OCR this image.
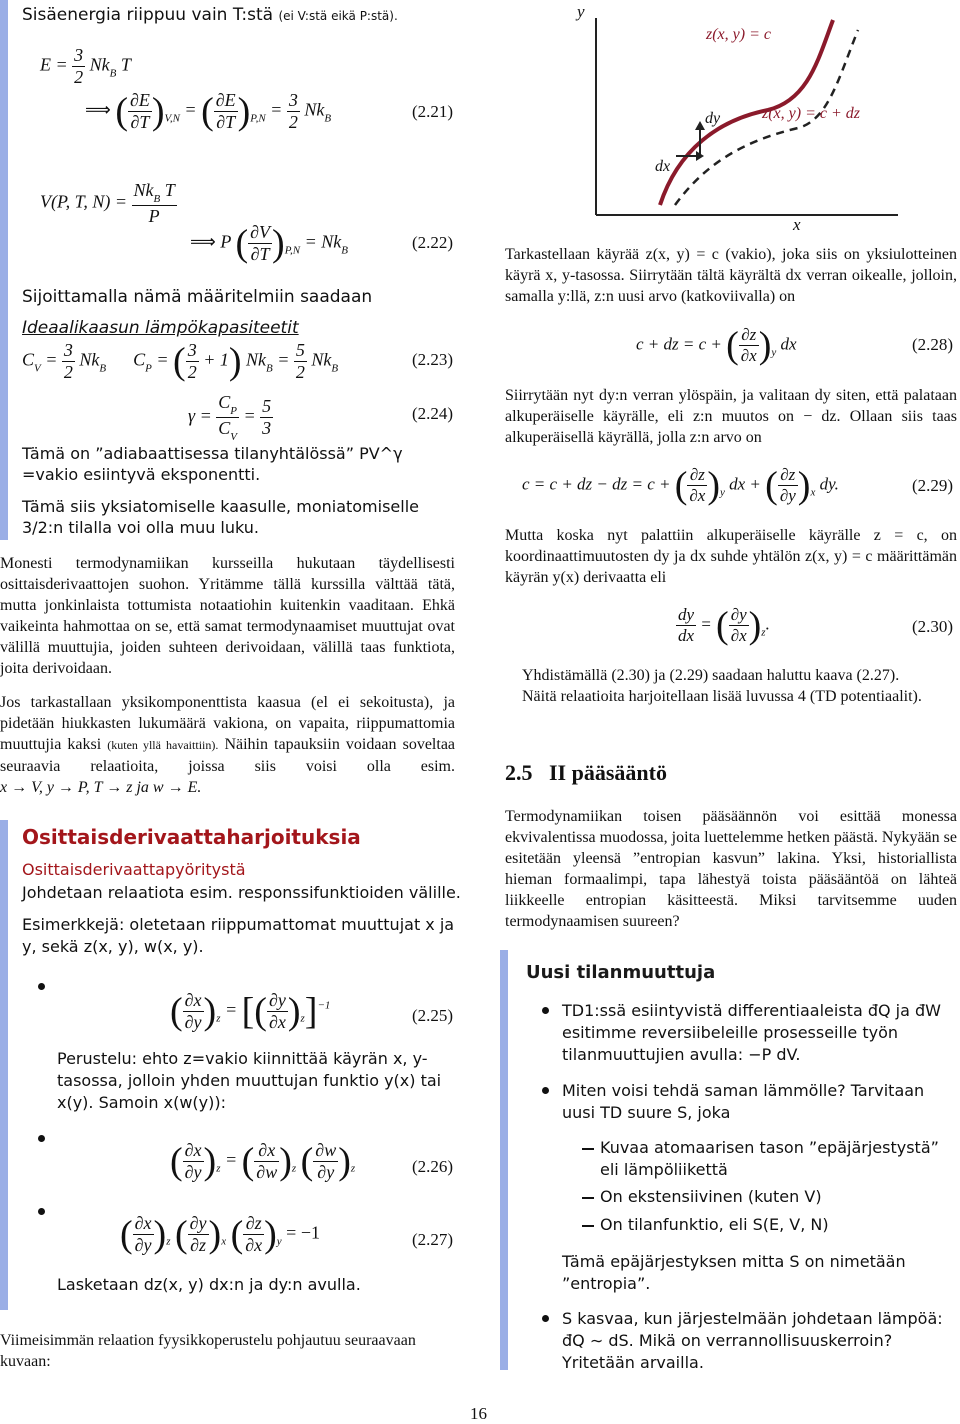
Sisäenergia riippuu vain T:stä (ei V:stä eikä P:stä).
$E = \frac{3}{2} Nk_B$ T
⟹ ( $\frac{\partial E}{\partial T} )_{V,N}$ = ( $\frac{\partial E}{\partial T} )_{P,N} = \frac{3}{2} Nk_B$	(2.21)
V(P, T, $N) = \frac{Nk_B T}{P}$
⟹ P ( $\frac{\partial V}{\partial T} )_{P,N} = Nk_B$	(2.22)
Sijoittamalla nämä määritelmiin saadaan
Ideaalikaasun lämpökapasiteetit
$C_V = \frac{3}{2} Nk_B$      $C_P$ = ( $\frac{3}{2} + 1$) $Nk_B = \frac{5}{2} Nk_B$	(2.23)
$\gamma = \frac{C_P}{C_V} = \frac{5}{3}$	(2.24)
Tämä on ”adiabaattisessa tilanyhtälössä” PV^γ =vakio esiintyvä eksponentti.
Tämä siis yksiatomiselle kaasulle, moniatomiselle 3/2:n tilalla voi olla muu luku.
Monesti termodynamiikan kursseilla hukutaan täydellisesti osittaisderivaattojen suohon. Yritämme tällä kurssilla välttää tätä, mutta jonkinlaista tottumista notaatiohin kuitenkin vaaditaan. Ehkä vaikeinta hahmottaa on se, että samat termodynaamiset muuttujat ovat välillä muuttujia, joiden suhteen derivoidaan, välillä taas funktiota, joita derivoidaan.
Jos tarkastallaan yksikomponenttista kaasua (el ei sekoitusta), ja pidetään hiukkasten lukumäärä vakiona, on vapaita, riippumattomia muuttujia kaksi (kuten yllä havaittiin). Näihin tapauksiin voidaan soveltaa seuraavia relaatioita, joissa siis voisi olla esim. x → V, y → P, T → z ja w → E.
Osittaisderivaattaharjoituksia
Osittaisderivaattapyöritystä
Johdetaan relaatiota esim. responssifunktioiden välille.
Esimerkkejä: oletetaan riippumattomat muuttujat x ja y, sekä z(x, y), w(x, y).
( $\frac{\partial x}{\partial y} )_z$ = [( $\frac{\partial y}{\partial x} )_z]^{-1}$
(2.25)
Perustelu: ehto z=vakio kiinnittää käyrän x, y-tasossa, jolloin yhden muuttujan funktio y(x) tai x(y). Samoin x(w(y)):
( $\frac{\partial x}{\partial y} )_z$ = ( $\frac{\partial x}{\partial w} )_z$ ( $\frac{\partial w}{\partial y} )_z$	(2.26)
( $\frac{\partial x}{\partial y} )_z$ ( $\frac{\partial y}{\partial z} )_x$ ( $\frac{\partial z}{\partial x} )_y = -1$	(2.27)
Lasketaan dz(x, y) dx:n ja dy:n avulla.
Viimeisimmän relaation fyysikkoperustelu pohjautuu seuraavaan kuvaan:
y
x
z(x, y) = c
z(x, y) = c + dz
dx
dy
Tarkastellaan käyrää z(x, y) = c (vakio), joka siis on yksiulotteinen käyrä x, y-tasossa. Siirrytään tältä käyrältä dx verran oikealle, jolloin, samalla y:llä, z:n uusi arvo (katkoviivalla) on
c + dz = c + ( $\frac{\partial z}{\partial x} )_y$ dx	(2.28)
Siirrytään nyt dy:n verran ylöspäin, ja valitaan dy siten, että palataan alkuperäiselle käyrälle, eli z:n muutos on − dz. Ollaan siis taas alkuperäisellä käyrällä, jolla z:n arvo on
c = c + dz − dz = c + ( $\frac{\partial z}{\partial x} )_y$ dx + ( $\frac{\partial z}{\partial y} )_x$ dy.	(2.29)
Mutta koska nyt palattiin alkuperäiselle käyrälle z = c, on koordinaattimuutosten dy ja dx suhde yhtälön z(x, y) = c määrittämän käyrän y(x) derivaatta eli
$\frac{dy}{dx}$ = ( $\frac{\partial y}{\partial x} )_z$.	(2.30)
Yhdistämällä (2.30) ja (2.29) saadaan haluttu kaava (2.27).
Näitä relaatioita harjoitellaan lisää luvussa 4 (TD potentiaalit).
2.5   II pääsääntö
Termodynamiikan toisen pääsäännön voi esittää monessa ekvivalentissa muodossa, joita luettelemme hetken päästä. Nykyään se esitetään yleensä ”entropian kasvun” lakina. Yksi, historiallista hieman formaalimpi, tapa lähestyä toista pääsääntöä on lähteä liikkeelle entropian käsitteestä. Miksi tarvitsemme uuden termodynaamisen suureen?
Uusi tilanmuuttuja
TD1:ssä esiintyvistä differentiaaleista đQ ja đW esitimme reversiibeleille prosesseille työn tilanmuuttujien avulla: −P dV.
Miten voisi tehdä saman lämmölle? Tarvitaan uusi TD suure S, joka
Kuvaa atomaarisen tason ”epäjärjestystä” eli lämpöliikettä
On ekstensiivinen (kuten V)
On tilanfunktio, eli S(E, V, N)
Tämä epäjärjestyksen mitta S on nimetään ”entropia”.
S kasvaa, kun järjestelmään johdetaan lämpöä: đQ ∼ dS. Mikä on verrannollisuuskerroin? Yritetään arvailla.
16
